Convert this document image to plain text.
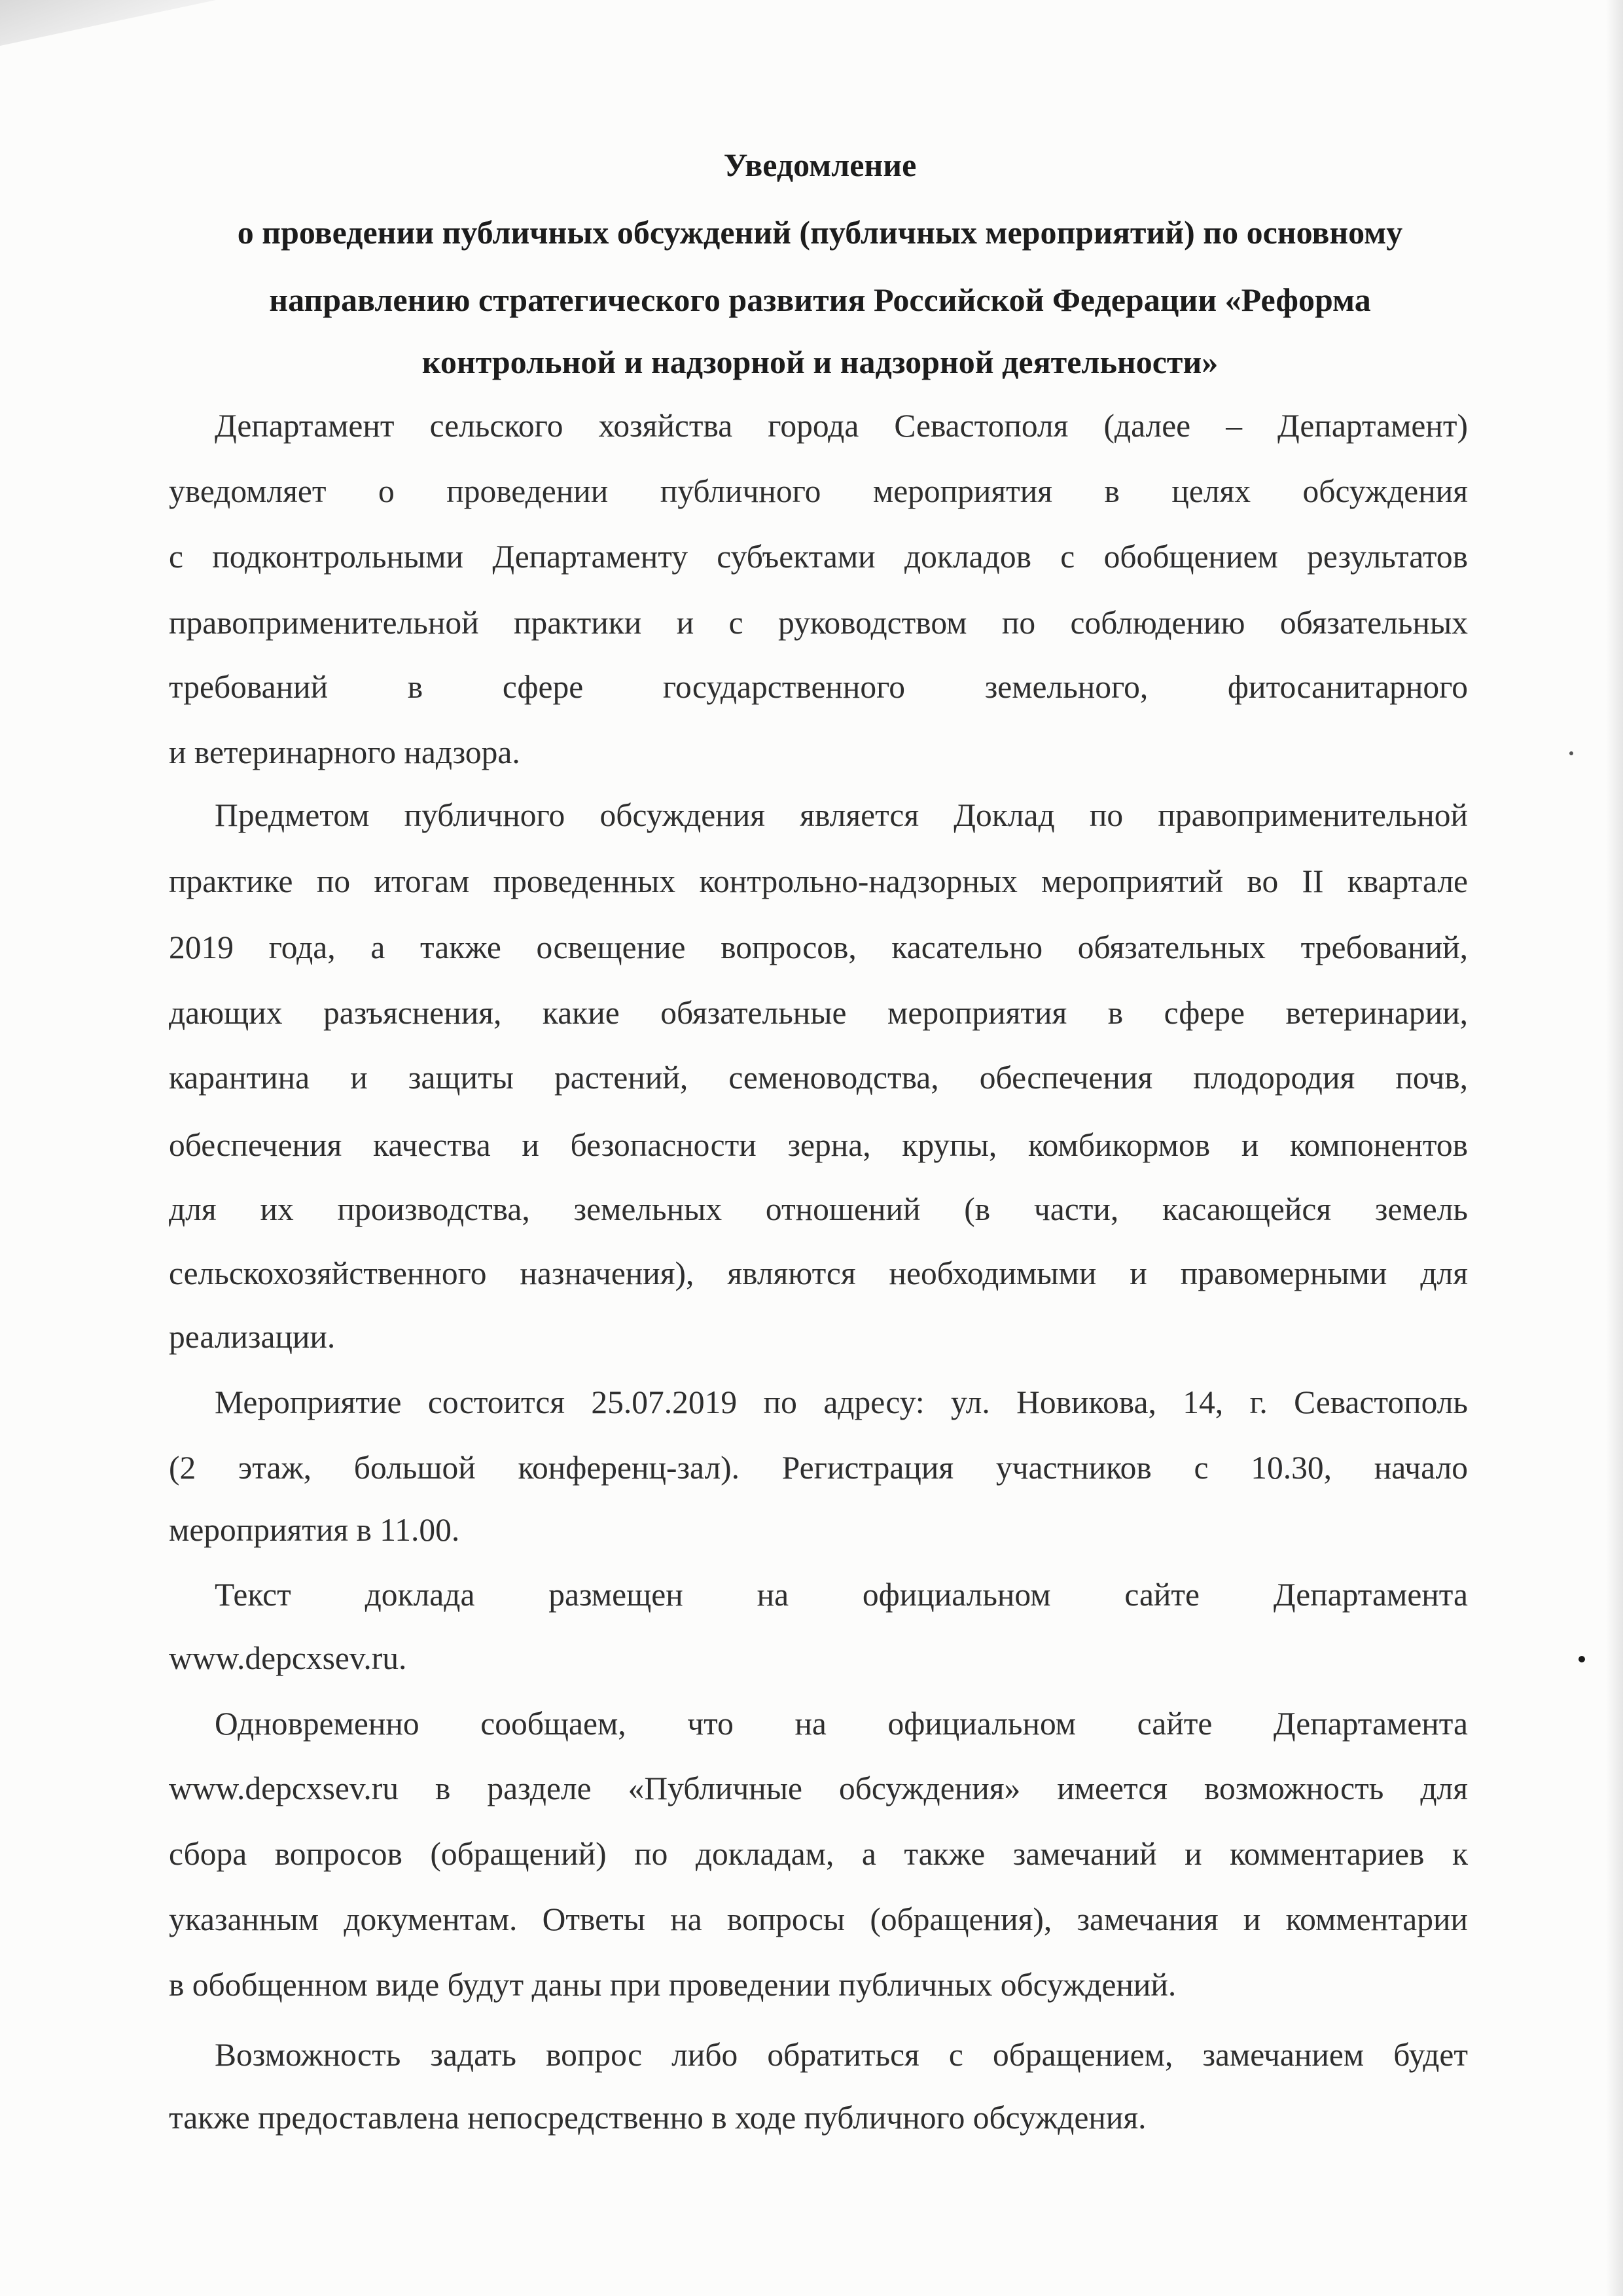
Уведомление
о проведении публичных обсуждений (публичных мероприятий) по основному
направлению стратегического развития Российской Федерации «Реформа
контрольной и надзорной и надзорной деятельности»
Департамент сельского хозяйства города Севастополя (далее – Департамент)
уведомляет о проведении публичного мероприятия в целях обсуждения
с подконтрольными Департаменту субъектами докладов с обобщением результатов
правоприменительной практики и с руководством по соблюдению обязательных
требований в сфере государственного земельного, фитосанитарного
и ветеринарного надзора.
Предметом публичного обсуждения является Доклад по правоприменительной
практике по итогам проведенных контрольно-надзорных мероприятий во II квартале
2019 года, а также освещение вопросов, касательно обязательных требований,
дающих разъяснения, какие обязательные мероприятия в сфере ветеринарии,
карантина и защиты растений, семеноводства, обеспечения плодородия почв,
обеспечения качества и безопасности зерна, крупы, комбикормов и компонентов
для их производства, земельных отношений (в части, касающейся земель
сельскохозяйственного назначения), являются необходимыми и правомерными для
реализации.
Мероприятие состоится 25.07.2019 по адресу: ул. Новикова, 14, г. Севастополь
(2 этаж, большой конференц-зал). Регистрация участников с 10.30, начало
мероприятия в 11.00.
Текст доклада размещен на официальном сайте Департамента
www.depcxsev.ru.
Одновременно сообщаем, что на официальном сайте Департамента
www.depcxsev.ru в разделе «Публичные обсуждения» имеется возможность для
сбора вопросов (обращений) по докладам, а также замечаний и комментариев к
указанным документам. Ответы на вопросы (обращения), замечания и комментарии
в обобщенном виде будут даны при проведении публичных обсуждений.
Возможность задать вопрос либо обратиться с обращением, замечанием будет
также предоставлена непосредственно в ходе публичного обсуждения.
